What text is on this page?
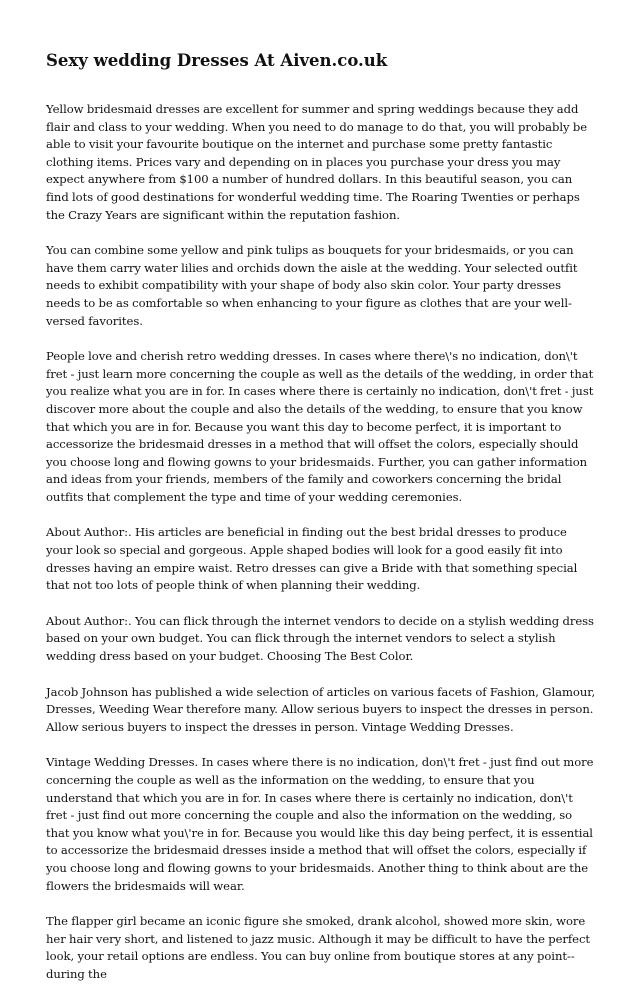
Sexy wedding Dresses At Aiven.co.uk

Yellow bridesmaid dresses are excellent for summer and spring weddings because they add flair and class to your wedding. When you need to do manage to do that, you will probably be able to visit your favourite boutique on the internet and purchase some pretty fantastic clothing items. Prices vary and depending on in places you purchase your dress you may expect anywhere from $100 a number of hundred dollars. In this beautiful season, you can find lots of good destinations for wonderful wedding time. The Roaring Twenties or perhaps the Crazy Years are significant within the reputation fashion.

You can combine some yellow and pink tulips as bouquets for your bridesmaids, or you can have them carry water lilies and orchids down the aisle at the wedding. Your selected outfit needs to exhibit compatibility with your shape of body also skin color. Your party dresses needs to be as comfortable so when enhancing to your figure as clothes that are your well-versed favorites.

People love and cherish retro wedding dresses. In cases where there\'s no indication, don\'t fret - just learn more concerning the couple as well as the details of the wedding, in order that you realize what you are in for. In cases where there is certainly no indication, don\'t fret - just discover more about the couple and also the details of the wedding, to ensure that you know that which you are in for. Because you want this day to become perfect, it is important to accessorize the bridesmaid dresses in a method that will offset the colors, especially should you choose long and flowing gowns to your bridesmaids. Further, you can gather information and ideas from your friends, members of the family and coworkers concerning the bridal outfits that complement the type and time of your wedding ceremonies.

About Author:. His articles are beneficial in finding out the best bridal dresses to produce your look so special and gorgeous. Apple shaped bodies will look for a good easily fit into dresses having an empire waist. Retro dresses can give a Bride with that something special that not too lots of people think of when planning their wedding.

About Author:. You can flick through the internet vendors to decide on a stylish wedding dress based on your own budget. You can flick through the internet vendors to select a stylish wedding dress based on your budget. Choosing The Best Color.

Jacob Johnson has published a wide selection of articles on various facets of Fashion, Glamour, Dresses, Weeding Wear therefore many. Allow serious buyers to inspect the dresses in person. Allow serious buyers to inspect the dresses in person. Vintage Wedding Dresses.

Vintage Wedding Dresses. In cases where there is no indication, don\'t fret - just find out more concerning the couple as well as the information on the wedding, to ensure that you understand that which you are in for. In cases where there is certainly no indication, don\'t fret - just find out more concerning the couple and also the information on the wedding, so that you know what you\'re in for. Because you would like this day being perfect, it is essential to accessorize the bridesmaid dresses inside a method that will offset the colors, especially if you choose long and flowing gowns to your bridesmaids. Another thing to think about are the flowers the bridesmaids will wear.

The flapper girl became an iconic figure she smoked, drank alcohol, showed more skin, wore her hair very short, and listened to jazz music. Although it may be difficult to have the perfect look, your retail options are endless. You can buy online from boutique stores at any point-- during the
